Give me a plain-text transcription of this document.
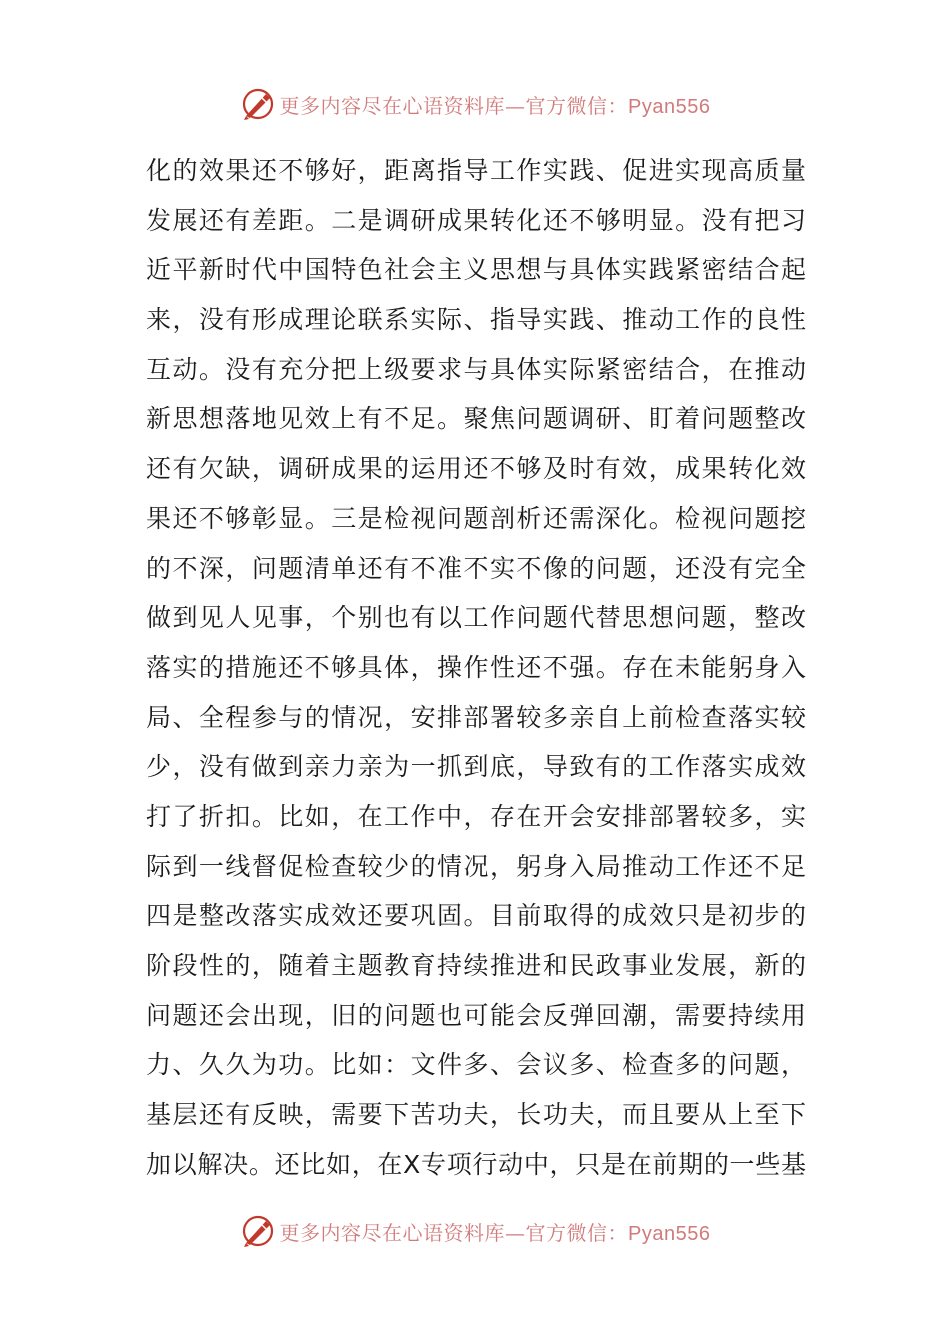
更多内容尽在心语资料库—官方微信：Pyan556
化的效果还不够好，距离指导工作实践、促进实现高质量
发展还有差距。二是调研成果转化还不够明显。没有把习
近平新时代中国特色社会主义思想与具体实践紧密结合起
来，没有形成理论联系实际、指导实践、推动工作的良性
互动。没有充分把上级要求与具体实际紧密结合，在推动
新思想落地见效上有不足。聚焦问题调研、盯着问题整改
还有欠缺，调研成果的运用还不够及时有效，成果转化效
果还不够彰显。三是检视问题剖析还需深化。检视问题挖
的不深，问题清单还有不准不实不像的问题，还没有完全
做到见人见事，个别也有以工作问题代替思想问题，整改
落实的措施还不够具体，操作性还不强。存在未能躬身入
局、全程参与的情况，安排部署较多亲自上前检查落实较
少，没有做到亲力亲为一抓到底，导致有的工作落实成效
打了折扣。比如，在工作中，存在开会安排部署较多，实
际到一线督促检查较少的情况，躬身入局推动工作还不足
四是整改落实成效还要巩固。目前取得的成效只是初步的
阶段性的，随着主题教育持续推进和民政事业发展，新的
问题还会出现，旧的问题也可能会反弹回潮，需要持续用
力、久久为功。比如：文件多、会议多、检查多的问题，
基层还有反映，需要下苦功夫，长功夫，而且要从上至下
加以解决。还比如，在X专项行动中，只是在前期的一些基
更多内容尽在心语资料库—官方微信：Pyan556
